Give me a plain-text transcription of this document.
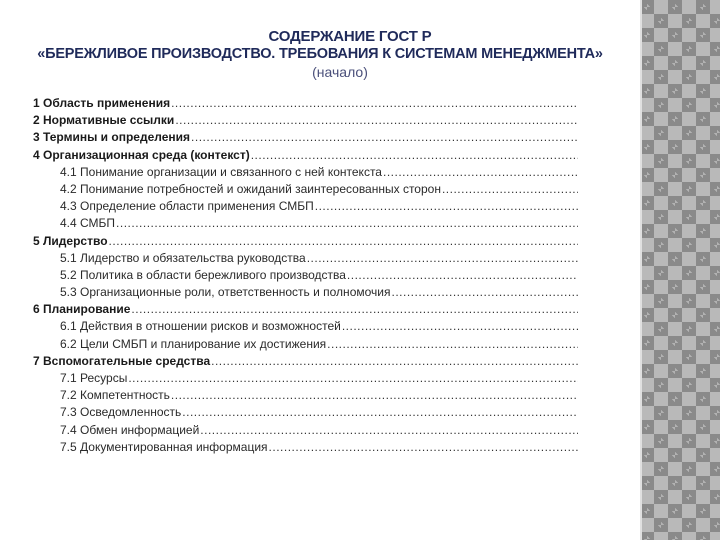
СОДЕРЖАНИЕ ГОСТ Р
«БЕРЕЖЛИВОЕ ПРОИЗВОДСТВО. ТРЕБОВАНИЯ К СИСТЕМАМ МЕНЕДЖМЕНТА»
(начало)
1 Область применения
.....
2 Нормативные ссылки
.....
3 Термины и определения
.....
4 Организационная среда (контекст)
.....
4.1 Понимание организации и связанного с ней контекста
.....
4.2 Понимание потребностей и ожиданий заинтересованных сторон
.....
4.3 Определение области применения СМБП
.....
4.4 СМБП
.....
5 Лидерство
.....
5.1 Лидерство и обязательства руководства
.....
5.2 Политика в области бережливого производства
.....
5.3 Организационные роли, ответственность и полномочия
.....
6 Планирование
.....
6.1 Действия в отношении рисков и возможностей
.....
6.2 Цели СМБП и планирование их достижения
.....
7 Вспомогательные средства
.....
7.1 Ресурсы
.....
7.2 Компетентность
.....
7.3 Осведомленность
.....
7.4 Обмен информацией
.....
7.5 Документированная информация
.....
